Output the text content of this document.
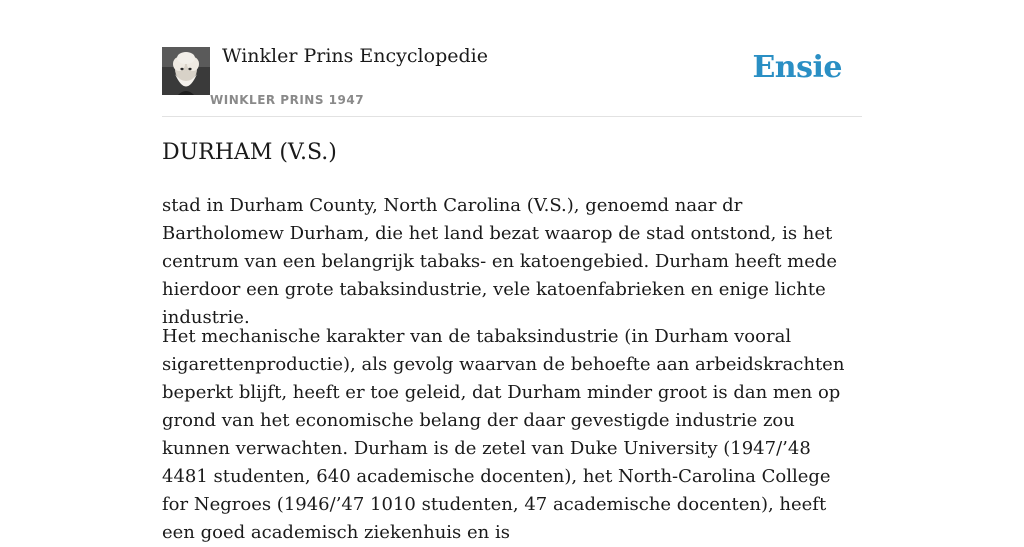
Winkler Prins Encyclopedie
WINKLER PRINS 1947
Ensie
DURHAM (V.S.)

stad in Durham County, North Carolina (V.S.), genoemd naar dr Bartholomew Durham, die het land bezat waarop de stad ontstond, is het centrum van een belangrijk tabaks- en katoengebied. Durham heeft mede hierdoor een grote tabaksindustrie, vele katoenfabrieken en enige lichte industrie.

Het mechanische karakter van de tabaksindustrie (in Durham vooral sigarettenproductie), als gevolg waarvan de behoefte aan arbeidskrachten beperkt blijft, heeft er toe geleid, dat Durham minder groot is dan men op grond van het economische belang der daar gevestigde industrie zou kunnen verwachten. Durham is de zetel van Duke University (1947/’48 4481 studenten, 640 academische docenten), het North-Carolina College for Negroes (1946/’47 1010 studenten, 47 academische docenten), heeft een goed academisch ziekenhuis en is
